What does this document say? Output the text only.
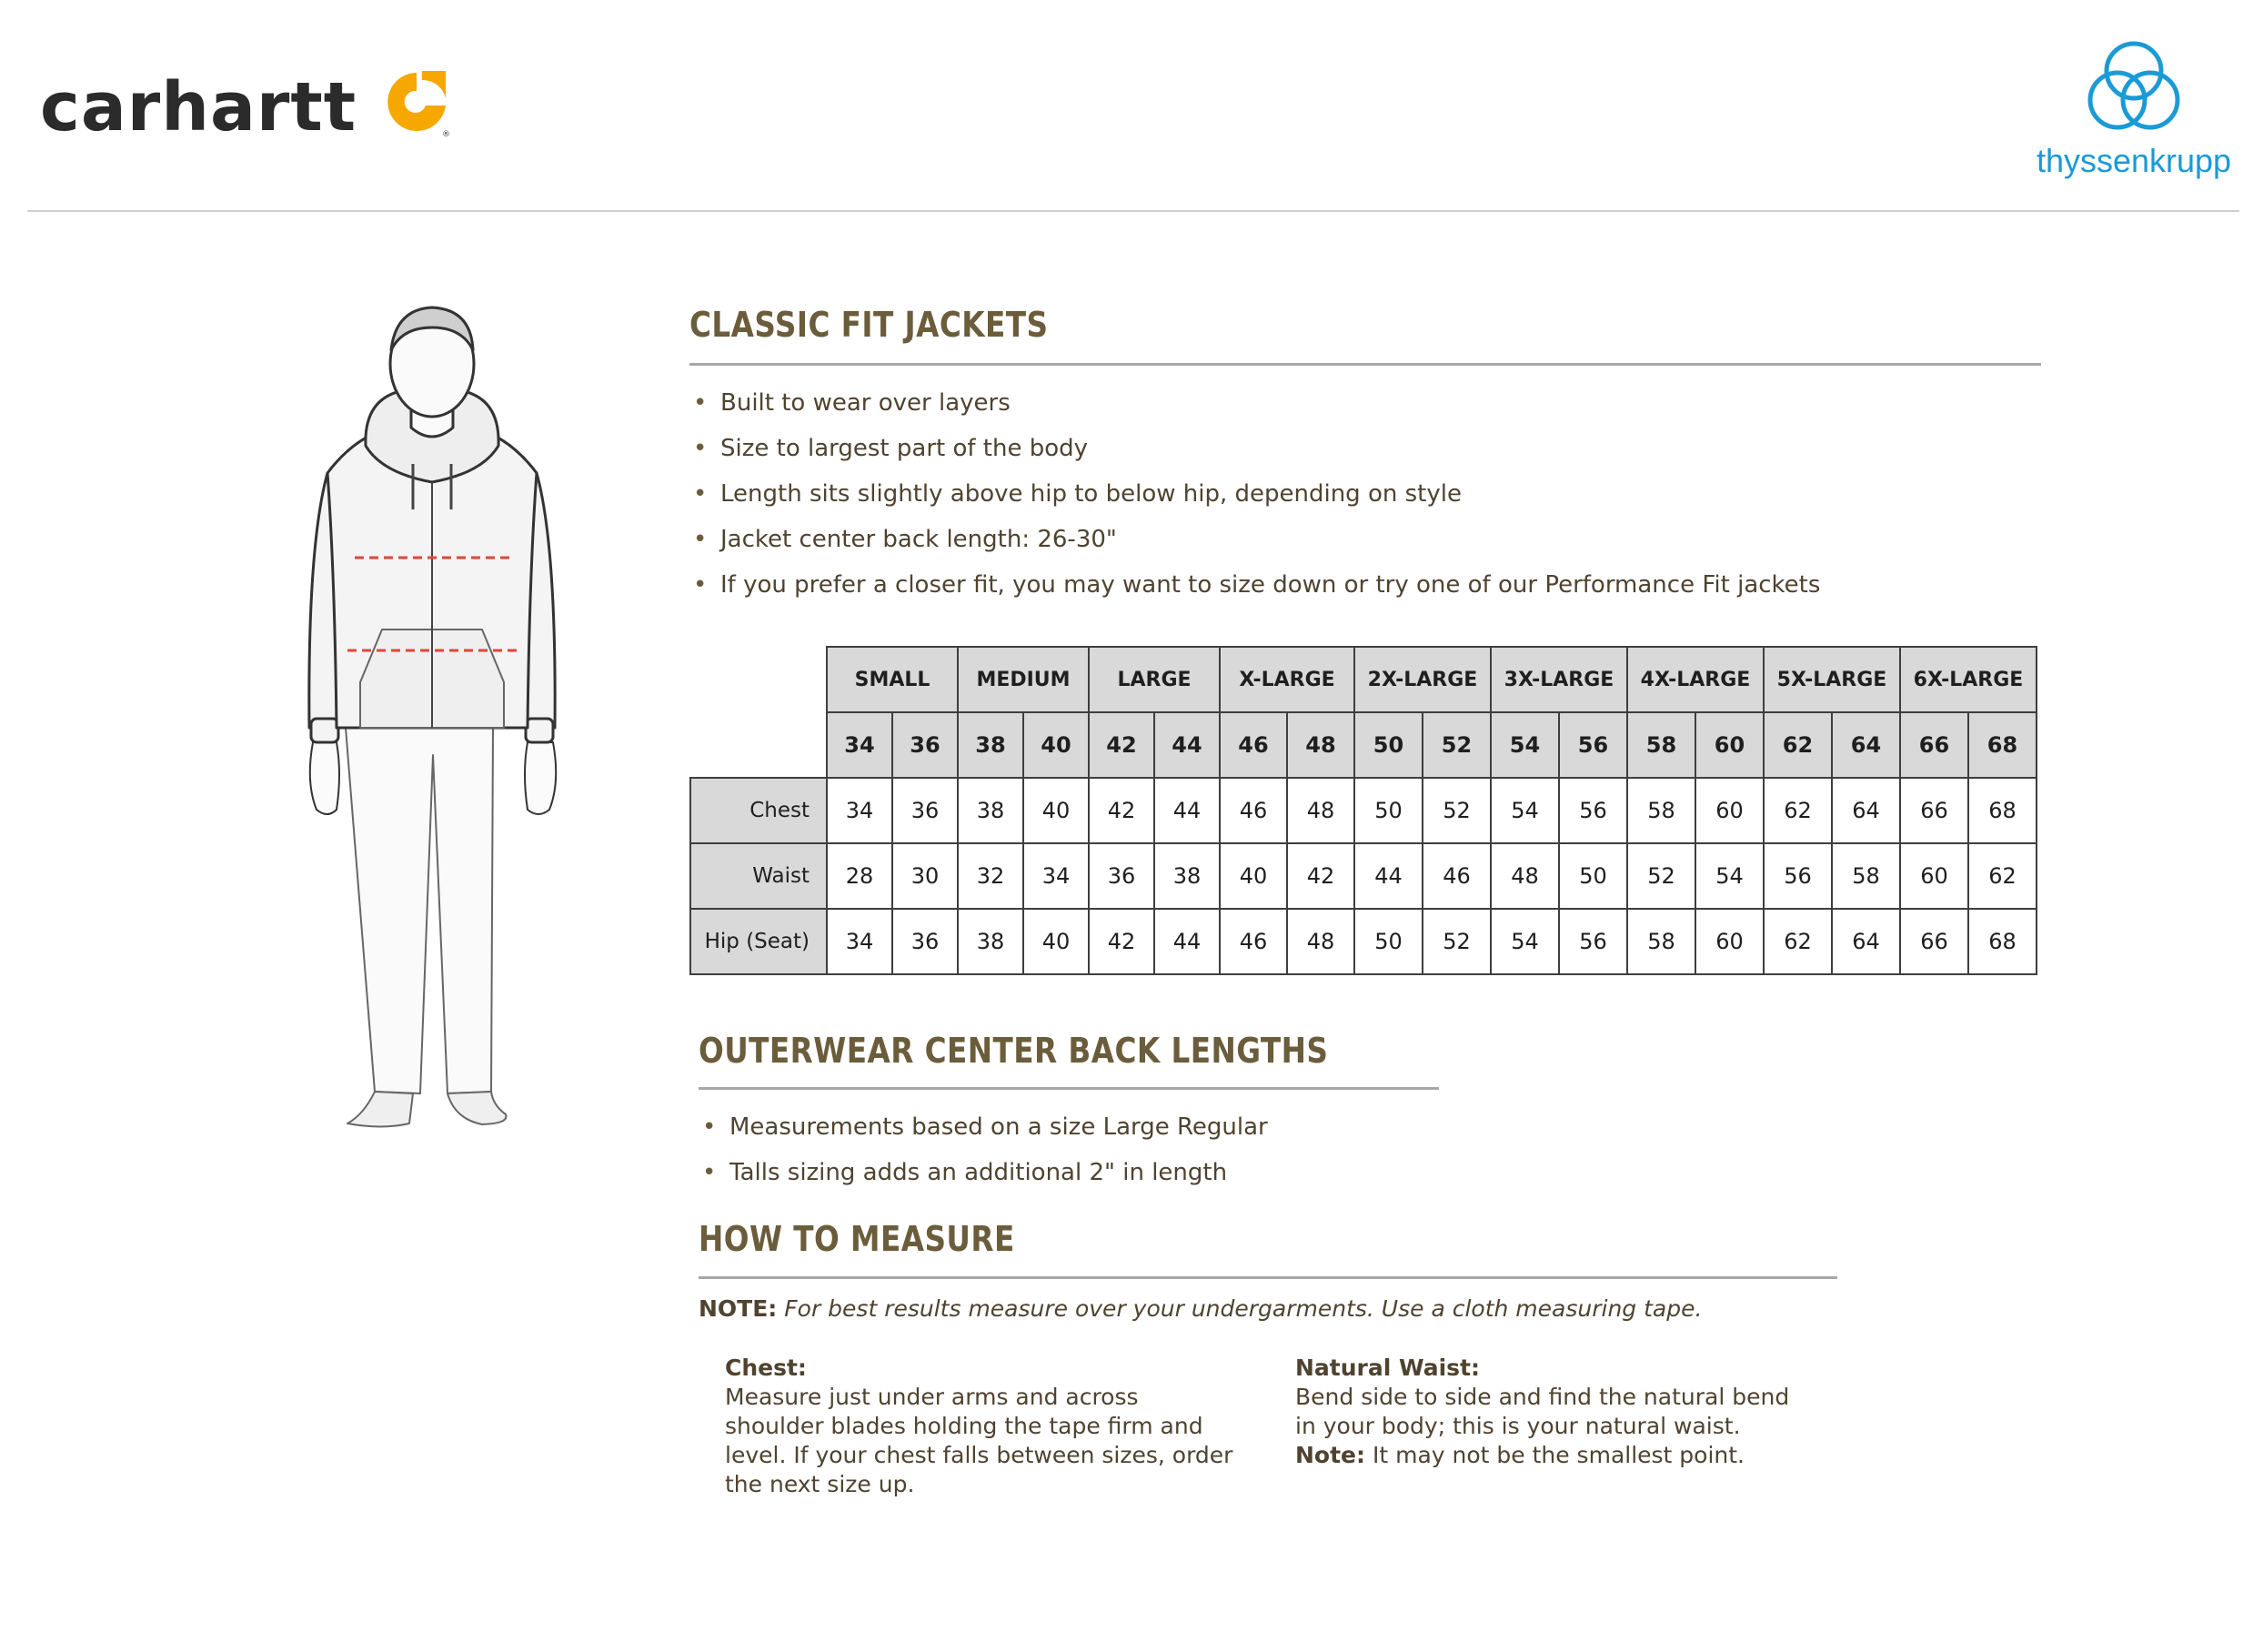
carhartt	®
thyssenkrupp
CLASSIC FIT JACKETS
• Built to wear over layers
• Size to largest part of the body
• Length sits slightly above hip to below hip, depending on style
• Jacket center back length: 26-30"
• If you prefer a closer fit, you may want to size down or try one of our Performance Fit jackets
	SMALL		MEDIUM		LARGE		X-LARGE		2X-LARGE		3X-LARGE		4X-LARGE		5X-LARGE		6X-LARGE	
	34	36	38	40	42	44	46	48	50	52	54	56	58	60	62	64	66	68
Chest	34	36	38	40	42	44	46	48	50	52	54	56	58	60	62	64	66	68
Waist	28	30	32	34	36	38	40	42	44	46	48	50	52	54	56	58	60	62
Hip (Seat)	34	36	38	40	42	44	46	48	50	52	54	56	58	60	62	64	66	68
OUTERWEAR CENTER BACK LENGTHS
• Measurements based on a size Large Regular
• Talls sizing adds an additional 2" in length
HOW TO MEASURE
NOTE: For best results measure over your undergarments. Use a cloth measuring tape.
Chest:
Measure just under arms and across shoulder blades holding the tape firm and level. If your chest falls between sizes, order the next size up.
Natural Waist:
Bend side to side and find the natural bend in your body; this is your natural waist. Note: It may not be the smallest point.
